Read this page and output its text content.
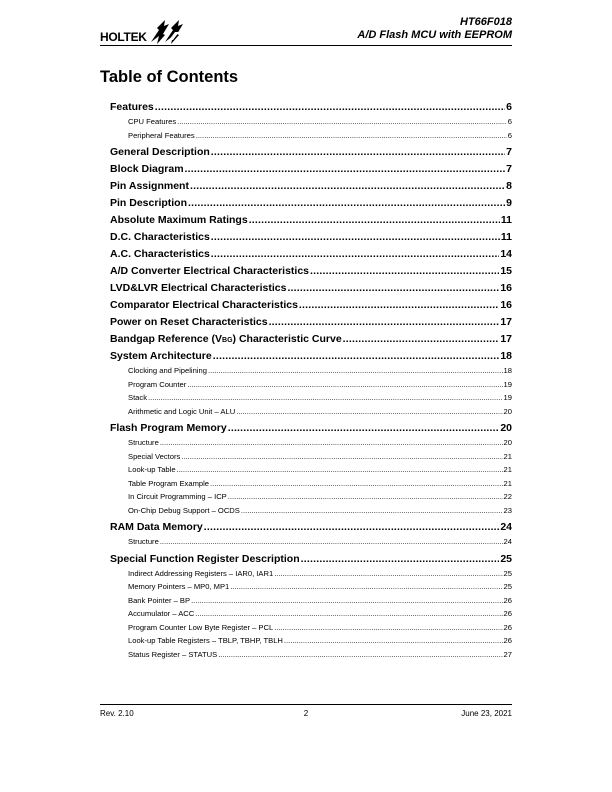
HOLTEK
HT66F018
A/D Flash MCU with EEPROM
Table of Contents
Features .....	6
CPU Features .....	6
Peripheral Features .....	6
General Description .....	7
Block Diagram .....	7
Pin Assignment .....	8
Pin Description .....	9
Absolute Maximum Ratings .....	11
D.C. Characteristics .....	11
A.C. Characteristics .....	14
A/D Converter Electrical Characteristics .....	15
LVD&LVR Electrical Characteristics .....	16
Comparator Electrical Characteristics .....	16
Power on Reset Characteristics .....	17
Bandgap Reference (VBG) Characteristic Curve .....	17
System Architecture .....	18
Clocking and Pipelining .....	18
Program Counter .....	19
Stack .....	19
Arithmetic and Logic Unit – ALU .....	20
Flash Program Memory .....	20
Structure .....	20
Special Vectors .....	21
Look-up Table .....	21
Table Program Example .....	21
In Circuit Programming – ICP .....	22
On-Chip Debug Support – OCDS .....	23
RAM Data Memory .....	24
Structure .....	24
Special Function Register Description .....	25
Indirect Addressing Registers – IAR0, IAR1 .....	25
Memory Pointers – MP0, MP1 .....	25
Bank Pointer – BP .....	26
Accumulator – ACC .....	26
Program Counter Low Byte Register – PCL .....	26
Look-up Table Registers – TBLP, TBHP, TBLH .....	26
Status Register – STATUS .....	27
Rev. 2.10	2	June 23, 2021
